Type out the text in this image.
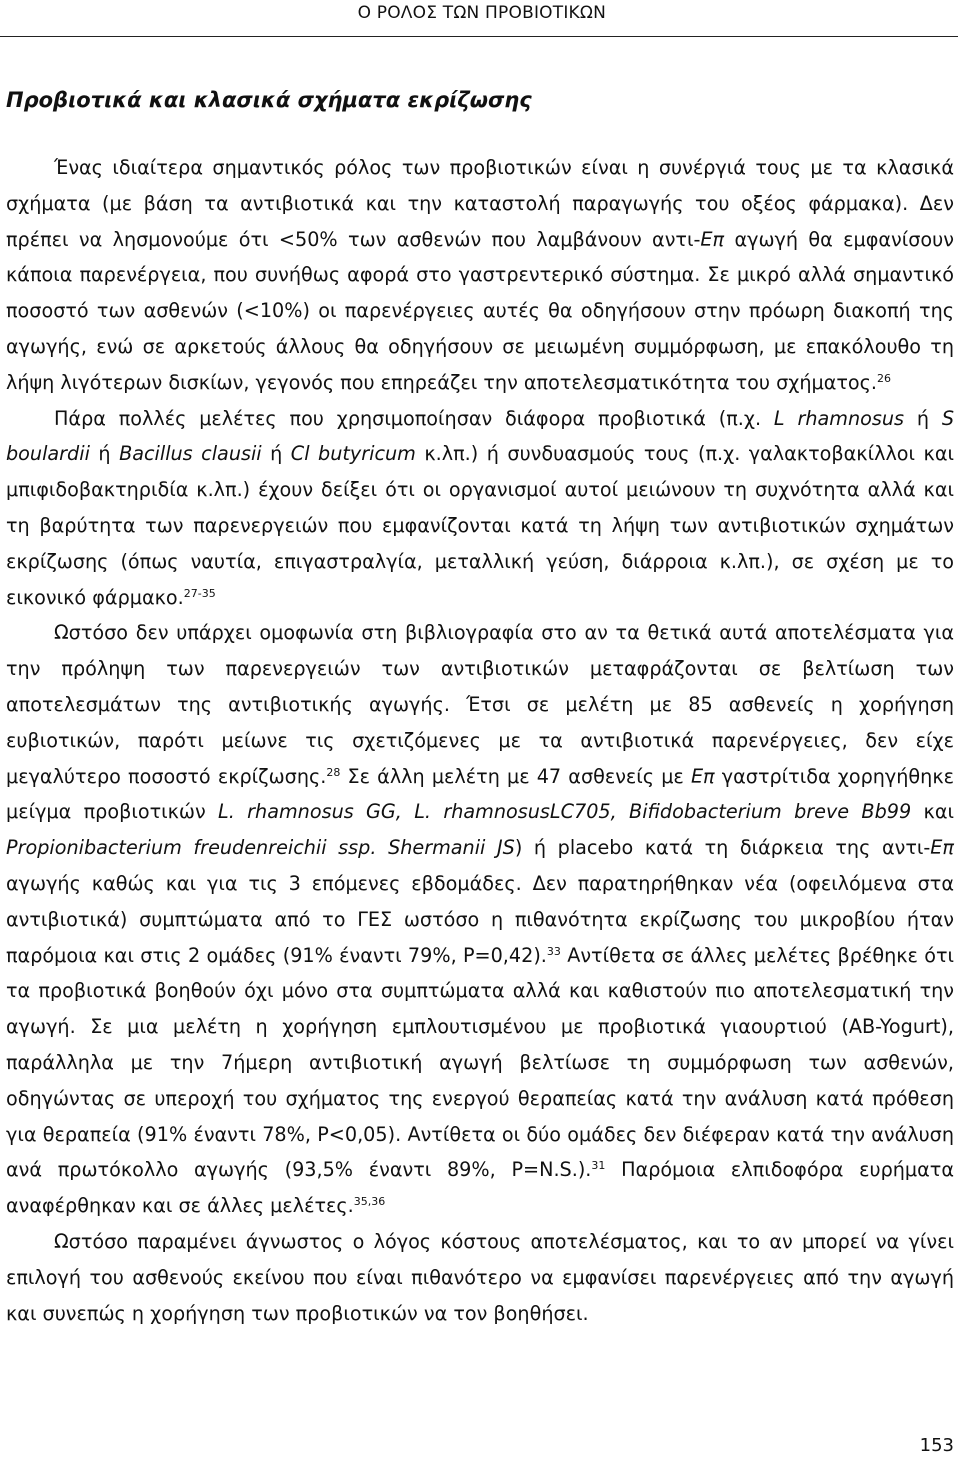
Ο ΡΟΛΟΣ ΤΩΝ ΠΡΟΒΙΟΤΙΚΩΝ
Προβιοτικά και κλασικά σχήματα εκρίζωσης

Ένας ιδιαίτερα σημαντικός ρόλος των προβιοτικών είναι η συνέργιά τους με τα κλασικά σχήματα (με βάση τα αντιβιοτικά και την καταστολή παραγωγής του οξέος φάρμακα). Δεν πρέπει να λησμονούμε ότι <50% των ασθενών που λαμβάνουν αντι-Επ αγωγή θα εμφανίσουν κάποια παρενέργεια, που συνήθως αφορά στο γαστρεντερικό σύστημα. Σε μικρό αλλά σημαντικό ποσοστό των ασθενών (<10%) οι παρενέργειες αυτές θα οδηγήσουν στην πρόωρη διακοπή της αγωγής, ενώ σε αρκετούς άλλους θα οδηγήσουν σε μειωμένη συμμόρφωση, με επακόλουθο τη λήψη λιγότερων δισκίων, γεγονός που επηρεάζει την αποτελεσματικότητα του σχήματος.$^{26}$

Πάρα πολλές μελέτες που χρησιμοποίησαν διάφορα προβιοτικά (π.χ. L rhamnosus ή S boulardii ή Bacillus clausii ή Cl butyricum κ.λπ.) ή συνδυασμούς τους (π.χ. γαλακτοβακίλλοι και μπιφιδοβακτηριδία κ.λπ.) έχουν δείξει ότι οι οργανισμοί αυτοί μειώνουν τη συχνότητα αλλά και τη βαρύτητα των παρενεργειών που εμφανίζονται κατά τη λήψη των αντιβιοτικών σχημάτων εκρίζωσης (όπως ναυτία, επιγαστραλγία, μεταλλική γεύση, διάρροια κ.λπ.), σε σχέση με το εικονικό φάρμακο.$^{27-35}$

Ωστόσο δεν υπάρχει ομοφωνία στη βιβλιογραφία στο αν τα θετικά αυτά αποτελέσματα για την πρόληψη των παρενεργειών των αντιβιοτικών μεταφράζονται σε βελτίωση των αποτελεσμάτων της αντιβιοτικής αγωγής. Έτσι σε μελέτη με 85 ασθενείς η χορήγηση ευβιοτικών, παρότι μείωνε τις σχετιζόμενες με τα αντιβιοτικά παρενέργειες, δεν είχε μεγαλύτερο ποσοστό εκρίζωσης.$^{28}$ Σε άλλη μελέτη με 47 ασθενείς με Επ γαστρίτιδα χορηγήθηκε μείγμα προβιοτικών L. rhamnosus GG, L. rhamnosusLC705, Bifidobacterium breve Bb99 και Propionibacterium freudenreichii ssp. Shermanii JS) ή placebo κατά τη διάρκεια της αντι-Επ αγωγής καθώς και για τις 3 επόμενες εβδομάδες. Δεν παρατηρήθηκαν νέα (οφειλόμενα στα αντιβιοτικά) συμπτώματα από το ΓΕΣ ωστόσο η πιθανότητα εκρίζωσης του μικροβίου ήταν παρόμοια και στις 2 ομάδες (91% έναντι 79%, P=0,42).$^{33}$ Αντίθετα σε άλλες μελέτες βρέθηκε ότι τα προβιοτικά βοηθούν όχι μόνο στα συμπτώματα αλλά και καθιστούν πιο αποτελεσματική την αγωγή. Σε μια μελέτη η χορήγηση εμπλουτισμένου με προβιοτικά γιαουρτιού (AB-Yogurt), παράλληλα με την 7ήμερη αντιβιοτική αγωγή βελτίωσε τη συμμόρφωση των ασθενών, οδηγώντας σε υπεροχή του σχήματος της ενεργού θεραπείας κατά την ανάλυση κατά πρόθεση για θεραπεία (91% έναντι 78%, P<0,05). Αντίθετα οι δύο ομάδες δεν διέφεραν κατά την ανάλυση ανά πρωτόκολλο αγωγής (93,5% έναντι 89%, P=N.S.).$^{31}$ Παρόμοια ελπιδοφόρα ευρήματα αναφέρθηκαν και σε άλλες μελέτες.$^{35,36}$

Ωστόσο παραμένει άγνωστος ο λόγος κόστους αποτελέσματος, και το αν μπορεί να γίνει επιλογή του ασθενούς εκείνου που είναι πιθανότερο να εμφανίσει παρενέργειες από την αγωγή και συνεπώς η χορήγηση των προβιοτικών να τον βοηθήσει.

153
